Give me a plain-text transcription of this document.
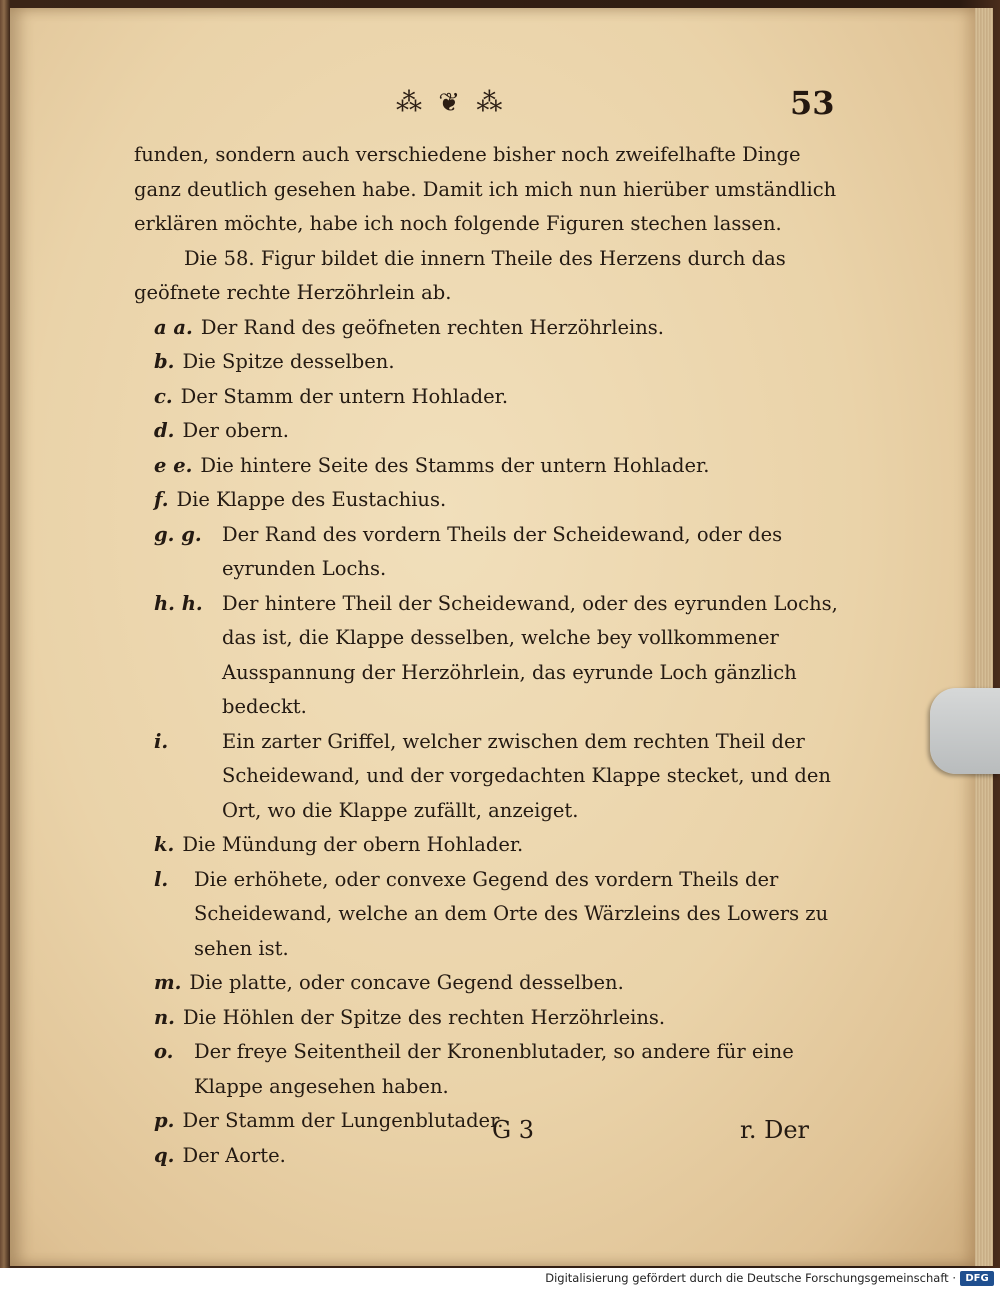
⁂ ❦ ⁂	53

funden, sondern auch verschiedene bisher noch zweifelhafte Dinge ganz deutlich gesehen habe. Damit ich mich nun hierüber umständlich erklären möchte, habe ich noch folgende Figuren stechen lassen.

Die 58. Figur bildet die innern Theile des Herzens durch das geöfnete rechte Herzöhrlein ab.

a a. Der Rand des geöfneten rechten Herzöhrleins.
b. Die Spitze desselben.
c. Der Stamm der untern Hohlader.
d. Der obern.
e e. Die hintere Seite des Stamms der untern Hohlader.
f. Die Klappe des Eustachius.
g. g.	Der Rand des vordern Theils der Scheidewand, oder des eyrunden Lochs.
h. h. Der hintere Theil der Scheidewand, oder des eyrunden Lochs, das ist, die Klappe desselben, welche bey vollkommener Ausspannung der Herzöhrlein, das eyrunde Loch gänzlich bedeckt.
i.	Ein zarter Griffel, welcher zwischen dem rechten Theil der Scheidewand, und der vorgedachten Klappe stecket, und den Ort, wo die Klappe zufällt, anzeiget.
k. Die Mündung der obern Hohlader.
l.	Die erhöhete, oder convexe Gegend des vordern Theils der Scheidewand, welche an dem Orte des Wärzleins des Lowers zu sehen ist.
m. Die platte, oder concave Gegend desselben.
n. Die Höhlen der Spitze des rechten Herzöhrleins.
o.	Der freye Seitentheil der Kronenblutader, so andere für eine Klappe angesehen haben.
p. Der Stamm der Lungenblutader.
q. Der Aorte.
G 3	r. Der
Digitalisierung gefördert durch die Deutsche Forschungsgemeinschaft · DFG
